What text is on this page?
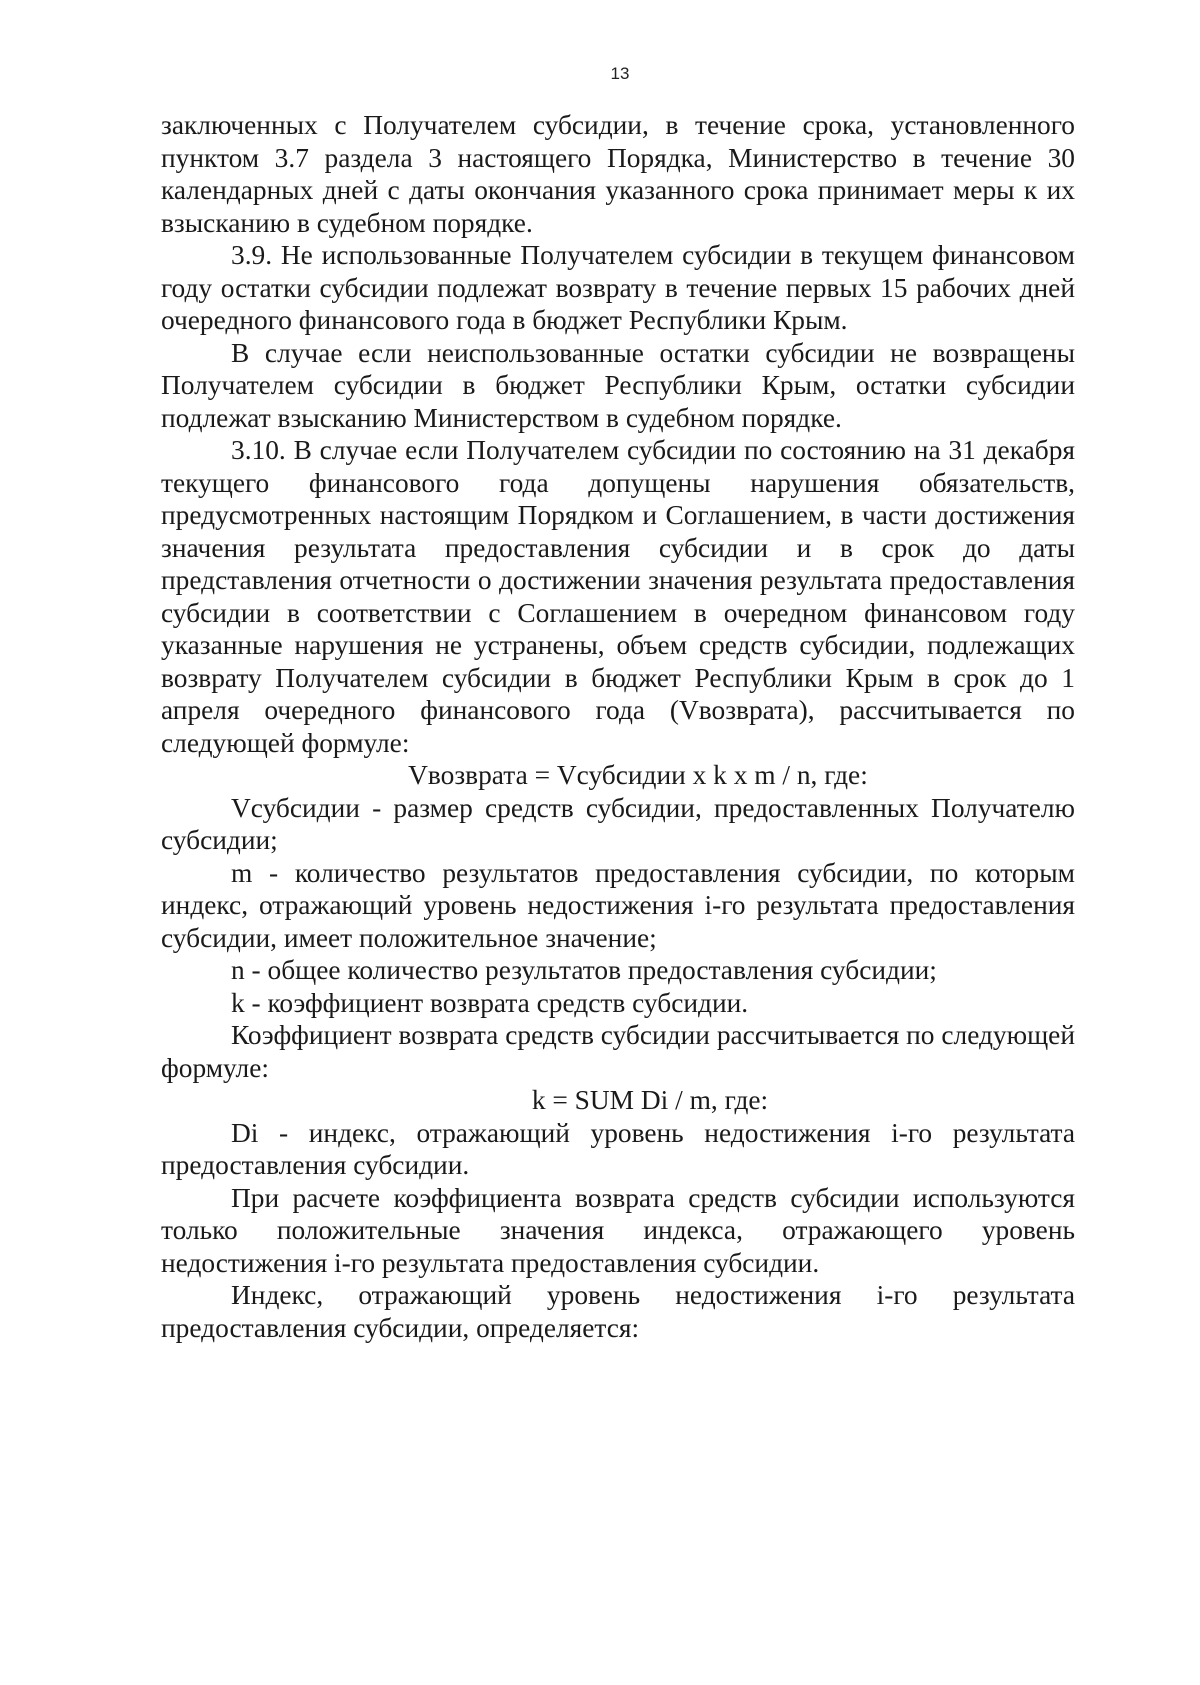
13

заключенных с Получателем субсидии, в течение срока, установленного пунктом 3.7 раздела 3 настоящего Порядка, Министерство в течение 30 календарных дней с даты окончания указанного срока принимает меры к их взысканию в судебном порядке.

3.9. Не использованные Получателем субсидии в текущем финансовом году остатки субсидии подлежат возврату в течение первых 15 рабочих дней очередного финансового года в бюджет Республики Крым.

В случае если неиспользованные остатки субсидии не возвращены Получателем субсидии в бюджет Республики Крым, остатки субсидии подлежат взысканию Министерством в судебном порядке.

3.10. В случае если Получателем субсидии по состоянию на 31 декабря текущего финансового года допущены нарушения обязательств, предусмотренных настоящим Порядком и Соглашением, в части достижения значения результата предоставления субсидии и в срок до даты представления отчетности о достижении значения результата предоставления субсидии в соответствии с Соглашением в очередном финансовом году указанные нарушения не устранены, объем средств субсидии, подлежащих возврату Получателем субсидии в бюджет Республики Крым в срок до 1 апреля очередного финансового года (Vвозврата), рассчитывается по следующей формуле:

Vвозврата = Vсубсидии x k x m / n, где:

Vсубсидии - размер средств субсидии, предоставленных Получателю субсидии;

m - количество результатов предоставления субсидии, по которым индекс, отражающий уровень недостижения i-го результата предоставления субсидии, имеет положительное значение;

n - общее количество результатов предоставления субсидии;

k - коэффициент возврата средств субсидии.

Коэффициент возврата средств субсидии рассчитывается по следующей формуле:

k = SUM Di / m, где:

Di - индекс, отражающий уровень недостижения i-го результата предоставления субсидии.

При расчете коэффициента возврата средств субсидии используются только положительные значения индекса, отражающего уровень недостижения i-го результата предоставления субсидии.

Индекс, отражающий уровень недостижения i-го результата предоставления субсидии, определяется:
